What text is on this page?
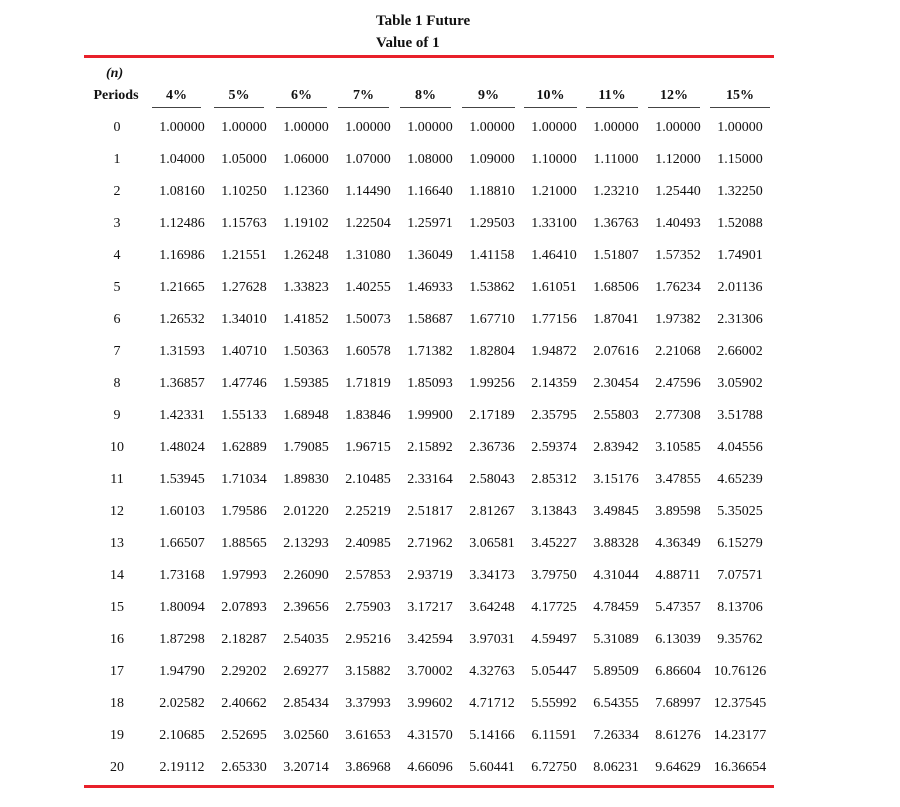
Table 1 Future
Value of 1
(n)
Periods	4%	5%	6%	7%	8%	9%	10%	11%	12%	15%
0	1.00000	1.00000	1.00000	1.00000	1.00000	1.00000	1.00000	1.00000	1.00000	1.00000
1	1.04000	1.05000	1.06000	1.07000	1.08000	1.09000	1.10000	1.11000	1.12000	1.15000
2	1.08160	1.10250	1.12360	1.14490	1.16640	1.18810	1.21000	1.23210	1.25440	1.32250
3	1.12486	1.15763	1.19102	1.22504	1.25971	1.29503	1.33100	1.36763	1.40493	1.52088
4	1.16986	1.21551	1.26248	1.31080	1.36049	1.41158	1.46410	1.51807	1.57352	1.74901
5	1.21665	1.27628	1.33823	1.40255	1.46933	1.53862	1.61051	1.68506	1.76234	2.01136
6	1.26532	1.34010	1.41852	1.50073	1.58687	1.67710	1.77156	1.87041	1.97382	2.31306
7	1.31593	1.40710	1.50363	1.60578	1.71382	1.82804	1.94872	2.07616	2.21068	2.66002
8	1.36857	1.47746	1.59385	1.71819	1.85093	1.99256	2.14359	2.30454	2.47596	3.05902
9	1.42331	1.55133	1.68948	1.83846	1.99900	2.17189	2.35795	2.55803	2.77308	3.51788
10	1.48024	1.62889	1.79085	1.96715	2.15892	2.36736	2.59374	2.83942	3.10585	4.04556
11	1.53945	1.71034	1.89830	2.10485	2.33164	2.58043	2.85312	3.15176	3.47855	4.65239
12	1.60103	1.79586	2.01220	2.25219	2.51817	2.81267	3.13843	3.49845	3.89598	5.35025
13	1.66507	1.88565	2.13293	2.40985	2.71962	3.06581	3.45227	3.88328	4.36349	6.15279
14	1.73168	1.97993	2.26090	2.57853	2.93719	3.34173	3.79750	4.31044	4.88711	7.07571
15	1.80094	2.07893	2.39656	2.75903	3.17217	3.64248	4.17725	4.78459	5.47357	8.13706
16	1.87298	2.18287	2.54035	2.95216	3.42594	3.97031	4.59497	5.31089	6.13039	9.35762
17	1.94790	2.29202	2.69277	3.15882	3.70002	4.32763	5.05447	5.89509	6.86604 10.76126
18	2.02582	2.40662	2.85434	3.37993	3.99602	4.71712	5.55992	6.54355	7.68997 12.37545
19	2.10685	2.52695	3.02560	3.61653	4.31570	5.14166	6.11591	7.26334	8.61276 14.23177
20	2.19112	2.65330	3.20714	3.86968	4.66096	5.60441	6.72750	8.06231	9.64629 16.36654
